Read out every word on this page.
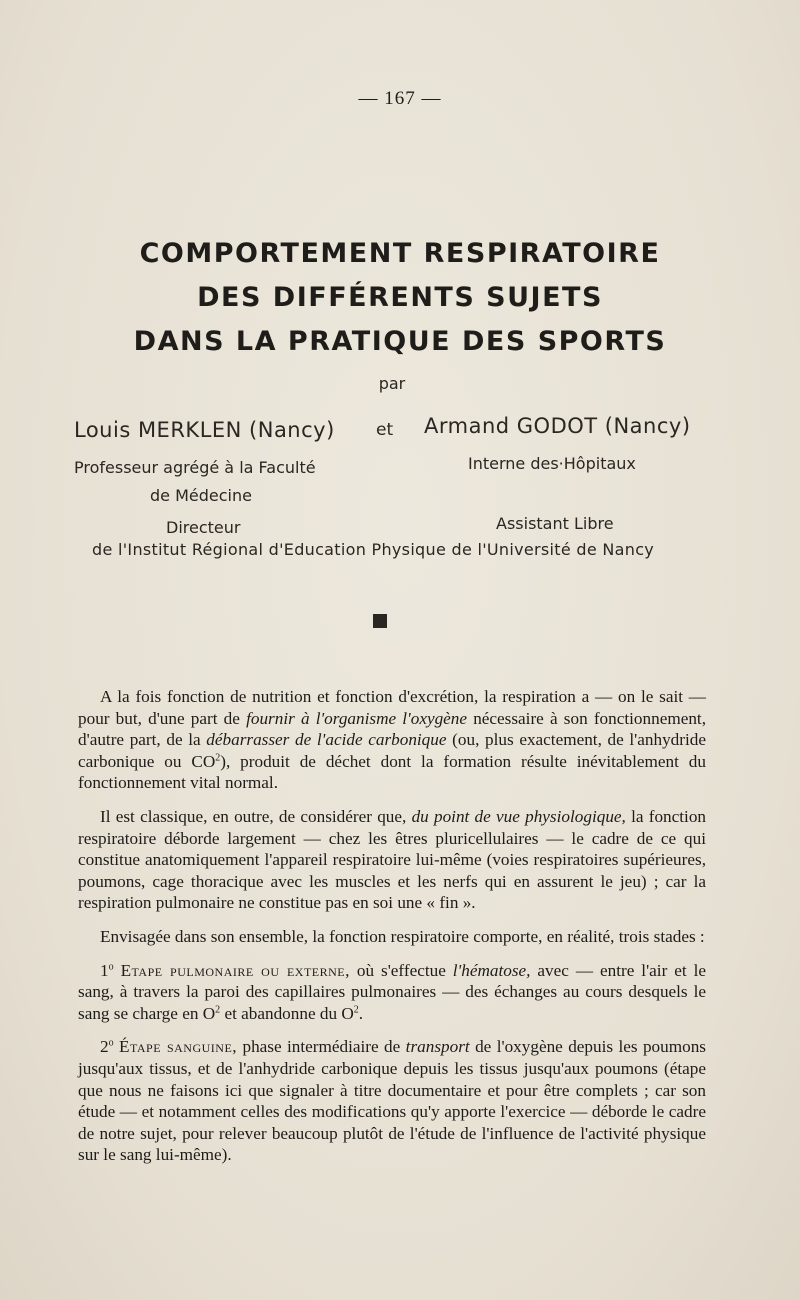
— 167 —
COMPORTEMENT RESPIRATOIRE
DES DIFFÉRENTS SUJETS
DANS LA PRATIQUE DES SPORTS
par
Louis MERKLEN (Nancy) et Armand GODOT (Nancy)
Professeur agrégé à la Faculté
de Médecine
Interne des·Hôpitaux
Directeur	Assistant Libre
de l'Institut Régional d'Education Physique de l'Université de Nancy

A la fois fonction de nutrition et fonction d'excrétion, la respiration a — on le sait — pour but, d'une part de fournir à l'organisme l'oxygène nécessaire à son fonctionnement, d'autre part, de la débarrasser de l'acide carbonique (ou, plus exactement, de l'anhydride carbonique ou $CO^2$), produit de déchet dont la formation résulte inévitablement du fonctionnement vital normal.

Il est classique, en outre, de considérer que, du point de vue physiologique, la fonction respiratoire déborde largement — chez les êtres pluricellulaires — le cadre de ce qui constitue anatomiquement l'appareil respiratoire lui-même (voies respiratoires supérieures, poumons, cage thoracique avec les muscles et les nerfs qui en assurent le jeu) ; car la respiration pulmonaire ne constitue pas en soi une « fin ».

Envisagée dans son ensemble, la fonction respiratoire comporte, en réalité, trois stades :

1$^o$ Etape pulmonaire ou externe, où s'effectue l'hématose, avec — entre l'air et le sang, à travers la paroi des capillaires pulmonaires — des échanges au cours desquels le sang se charge en $O^2$ et abandonne du $O^2$.

2$^o$ Étape sanguine, phase intermédiaire de transport de l'oxygène depuis les poumons jusqu'aux tissus, et de l'anhydride carbonique depuis les tissus jusqu'aux poumons (étape que nous ne faisons ici que signaler à titre documentaire et pour être complets ; car son étude — et notamment celles des modifications qu'y apporte l'exercice — déborde le cadre de notre sujet, pour relever beaucoup plutôt de l'étude de l'influence de l'activité physique sur le sang lui-même).
